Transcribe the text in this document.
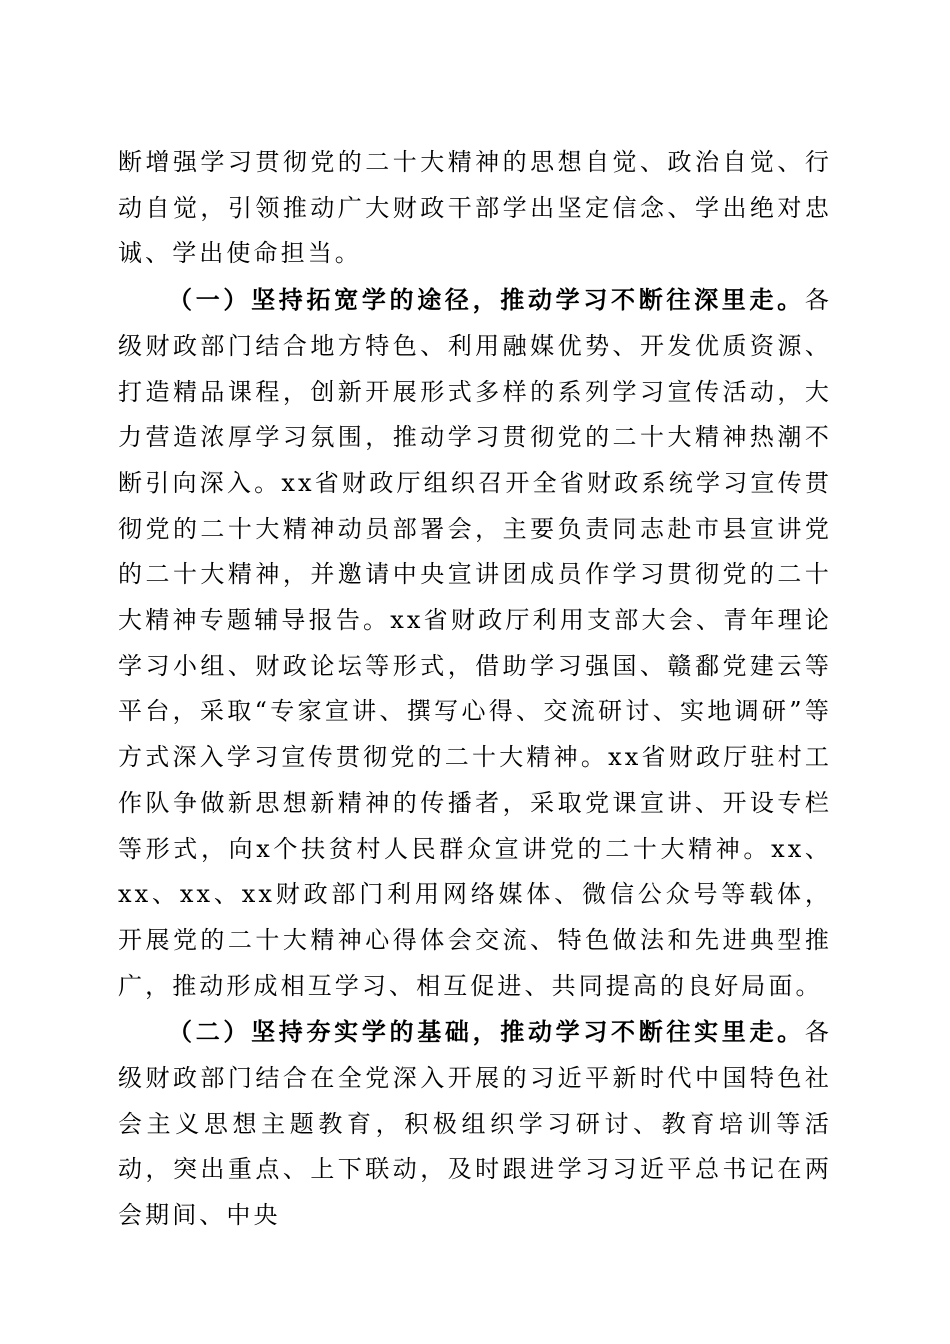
断增强学习贯彻党的二十大精神的思想自觉、政治自觉、行动自觉，引领推动广大财政干部学出坚定信念、学出绝对忠诚、学出使命担当。

（一）坚持拓宽学的途径，推动学习不断往深里走。各级财政部门结合地方特色、利用融媒优势、开发优质资源、打造精品课程，创新开展形式多样的系列学习宣传活动，大力营造浓厚学习氛围，推动学习贯彻党的二十大精神热潮不断引向深入。xx省财政厅组织召开全省财政系统学习宣传贯彻党的二十大精神动员部署会，主要负责同志赴市县宣讲党的二十大精神，并邀请中央宣讲团成员作学习贯彻党的二十大精神专题辅导报告。xx省财政厅利用支部大会、青年理论学习小组、财政论坛等形式，借助学习强国、赣鄱党建云等平台，采取“专家宣讲、撰写心得、交流研讨、实地调研”等方式深入学习宣传贯彻党的二十大精神。xx省财政厅驻村工作队争做新思想新精神的传播者，采取党课宣讲、开设专栏等形式，向x个扶贫村人民群众宣讲党的二十大精神。xx、xx、xx、xx财政部门利用网络媒体、微信公众号等载体，开展党的二十大精神心得体会交流、特色做法和先进典型推广，推动形成相互学习、相互促进、共同提高的良好局面。

（二）坚持夯实学的基础，推动学习不断往实里走。各级财政部门结合在全党深入开展的习近平新时代中国特色社会主义思想主题教育，积极组织学习研讨、教育培训等活动，突出重点、上下联动，及时跟进学习习近平总书记在两会期间、中央
